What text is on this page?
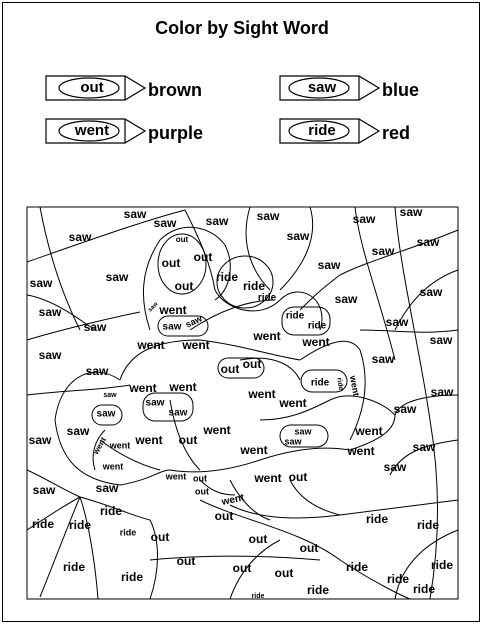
Color by Sight Word
out	brown	saw	blue
went	purple	ride	red
saw
saw saw saw
saw
saw saw
saw	saw
saw
saw
saw
saw
saw	saw
saw
saw	saw
saw
saw	saw
saw
saw
saw
saw
saw	saw
saw
saw	saw
saw saw
saw
saw
saw
saw
saw
saw
saw
out
out out
out
out out
out
out
out
out
out
out	out
out	out out
out
went
went went
went went
went
went went
went
went
went
went
went
went
went
went
went
went
went
went
went
ride
ride
ride
ride
ride
ride ride
ride ride
ride
ride
ride ride
ride
ride
ride
ride
ride
ride
ride
ride
